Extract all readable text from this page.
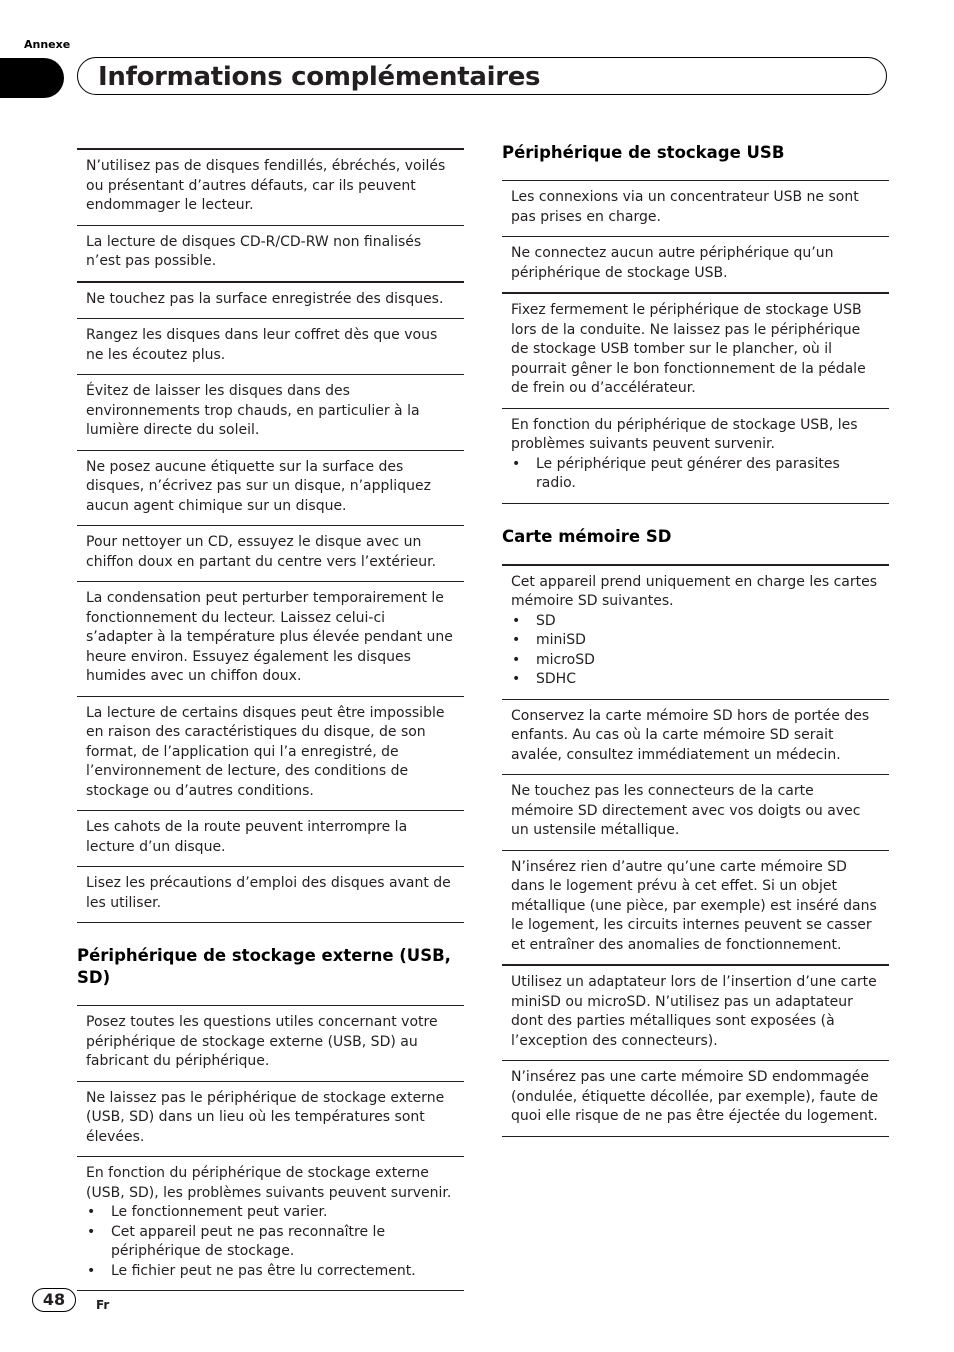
Annexe
Informations complémentaires
N’utilisez pas de disques fendillés, ébréchés, voilés ou présentant d’autres défauts, car ils peuvent endommager le lecteur.
La lecture de disques CD-R/CD-RW non finalisés n’est pas possible.
Ne touchez pas la surface enregistrée des disques.
Rangez les disques dans leur coffret dès que vous ne les écoutez plus.
Évitez de laisser les disques dans des environnements trop chauds, en particulier à la lumière directe du soleil.
Ne posez aucune étiquette sur la surface des disques, n’écrivez pas sur un disque, n’appliquez aucun agent chimique sur un disque.
Pour nettoyer un CD, essuyez le disque avec un chiffon doux en partant du centre vers l’extérieur.
La condensation peut perturber temporairement le fonctionnement du lecteur. Laissez celui-ci s’adapter à la température plus élevée pendant une heure environ. Essuyez également les disques humides avec un chiffon doux.
La lecture de certains disques peut être impossible en raison des caractéristiques du disque, de son format, de l’application qui l’a enregistré, de l’environnement de lecture, des conditions de stockage ou d’autres conditions.
Les cahots de la route peuvent interrompre la lecture d’un disque.
Lisez les précautions d’emploi des disques avant de les utiliser.
Périphérique de stockage externe (USB, SD)
Posez toutes les questions utiles concernant votre périphérique de stockage externe (USB, SD) au fabricant du périphérique.
Ne laissez pas le périphérique de stockage externe (USB, SD) dans un lieu où les températures sont élevées.
En fonction du périphérique de stockage externe (USB, SD), les problèmes suivants peuvent survenir.
• Le fonctionnement peut varier.
• Cet appareil peut ne pas reconnaître le périphérique de stockage.
• Le fichier peut ne pas être lu correctement.
Périphérique de stockage USB
Les connexions via un concentrateur USB ne sont pas prises en charge.
Ne connectez aucun autre périphérique qu’un périphérique de stockage USB.
Fixez fermement le périphérique de stockage USB lors de la conduite. Ne laissez pas le périphérique de stockage USB tomber sur le plancher, où il pourrait gêner le bon fonctionnement de la pédale de frein ou d’accélérateur.
En fonction du périphérique de stockage USB, les problèmes suivants peuvent survenir.
• Le périphérique peut générer des parasites radio.
Carte mémoire SD
Cet appareil prend uniquement en charge les cartes mémoire SD suivantes.
• SD
• miniSD
• microSD
• SDHC
Conservez la carte mémoire SD hors de portée des enfants. Au cas où la carte mémoire SD serait avalée, consultez immédiatement un médecin.
Ne touchez pas les connecteurs de la carte mémoire SD directement avec vos doigts ou avec un ustensile métallique.
N’insérez rien d’autre qu’une carte mémoire SD dans le logement prévu à cet effet. Si un objet métallique (une pièce, par exemple) est inséré dans le logement, les circuits internes peuvent se casser et entraîner des anomalies de fonctionnement.
Utilisez un adaptateur lors de l’insertion d’une carte miniSD ou microSD. N’utilisez pas un adaptateur dont des parties métalliques sont exposées (à l’exception des connecteurs).
N’insérez pas une carte mémoire SD endommagée (ondulée, étiquette décollée, par exemple), faute de quoi elle risque de ne pas être éjectée du logement.
48	Fr
